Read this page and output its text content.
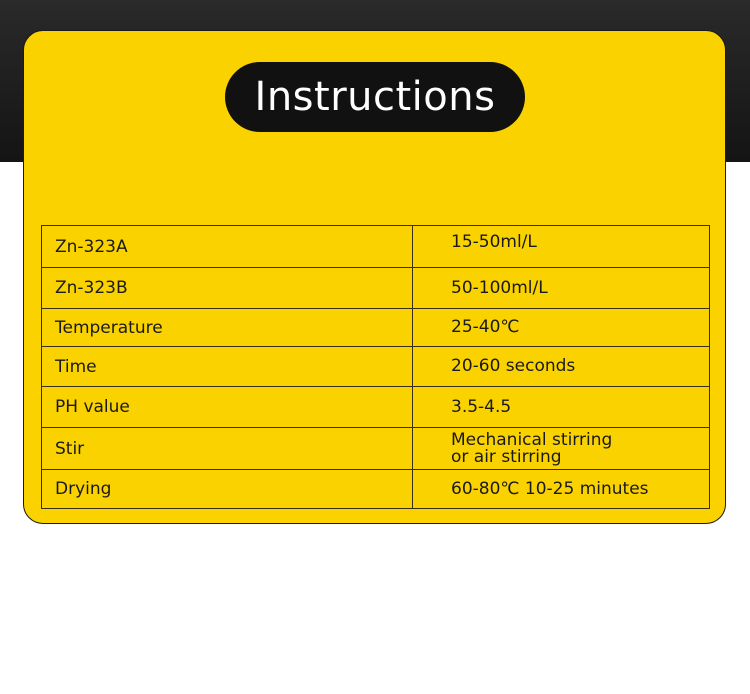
Instructions
Zn-323A	15-50ml/L

Zn-323B	50-100ml/L

Temperature	25-40℃

Time	20-60 seconds

PH value	3.5-4.5

Stir	Mechanical stirring
or air stirring

Drying	60-80℃ 10-25 minutes
